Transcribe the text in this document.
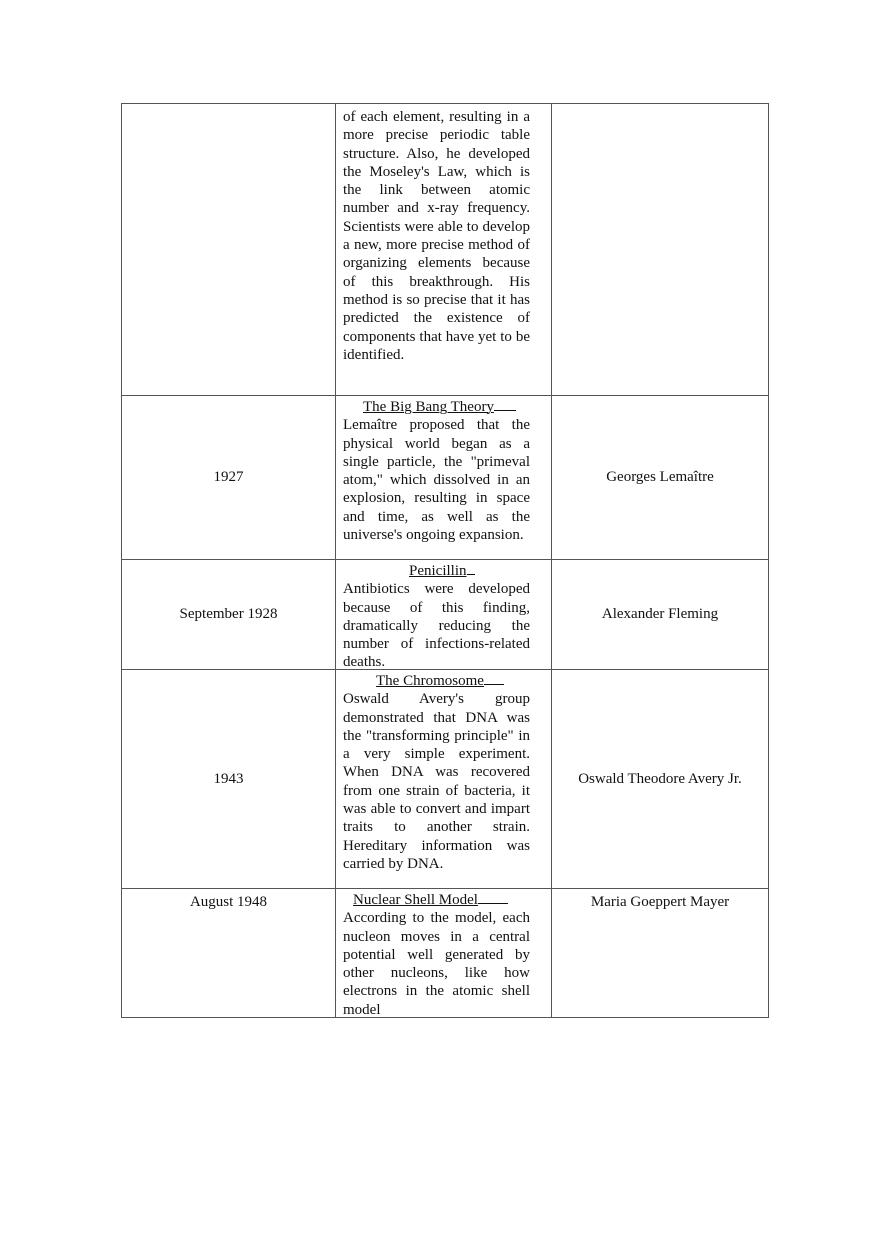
of each element, resulting in a more precise periodic table structure. Also, he developed the Moseley's Law, which is the link between atomic number and x-ray frequency. Scientists were able to develop a new, more precise method of organizing elements because of this breakthrough. His method is so precise that it has predicted the existence of components that have yet to be identified.
1927
The Big Bang Theory
Lemaître proposed that the physical world began as a single particle, the "primeval atom," which dissolved in an explosion, resulting in space and time, as well as the universe's ongoing expansion.
Georges Lemaître
September 1928
Penicillin
Antibiotics were developed because of this finding, dramatically reducing the number of infections-related deaths.
Alexander Fleming
1943
The Chromosome
Oswald Avery's group demonstrated that DNA was the "transforming principle" in a very simple experiment. When DNA was recovered from one strain of bacteria, it was able to convert and impart traits to another strain. Hereditary information was carried by DNA.
Oswald Theodore Avery Jr.
August 1948	Nuclear Shell Model
According to the model, each nucleon moves in a central potential well generated by other nucleons, like how electrons in the atomic shell model
Maria Goeppert Mayer
